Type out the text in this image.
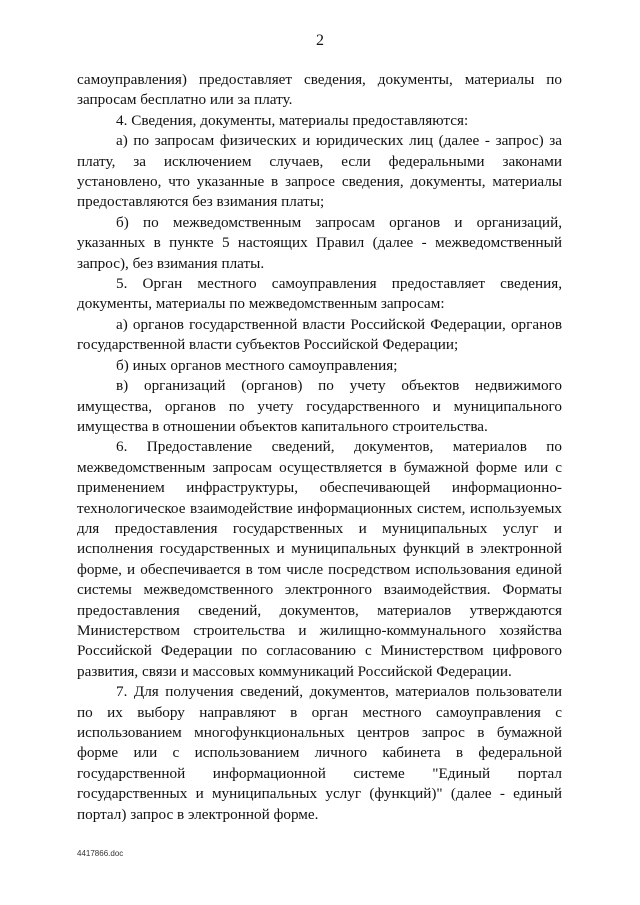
2

самоуправления) предоставляет сведения, документы, материалы по запросам бесплатно или за плату.

4. Сведения, документы, материалы предоставляются:

а) по запросам физических и юридических лиц (далее - запрос) за плату, за исключением случаев, если федеральными законами установлено, что указанные в запросе сведения, документы, материалы предоставляются без взимания платы;

б) по межведомственным запросам органов и организаций, указанных в пункте 5 настоящих Правил (далее - межведомственный запрос), без взимания платы.

5. Орган местного самоуправления предоставляет сведения, документы, материалы по межведомственным запросам:

а) органов государственной власти Российской Федерации, органов государственной власти субъектов Российской Федерации;

б) иных органов местного самоуправления;

в) организаций (органов) по учету объектов недвижимого имущества, органов по учету государственного и муниципального имущества в отношении объектов капитального строительства.

6. Предоставление сведений, документов, материалов по межведомственным запросам осуществляется в бумажной форме или с применением инфраструктуры, обеспечивающей информационно-технологическое взаимодействие информационных систем, используемых для предоставления государственных и муниципальных услуг и исполнения государственных и муниципальных функций в электронной форме, и обеспечивается в том числе посредством использования единой системы межведомственного электронного взаимодействия. Форматы предоставления сведений, документов, материалов утверждаются Министерством строительства и жилищно-коммунального хозяйства Российской Федерации по согласованию с Министерством цифрового развития, связи и массовых коммуникаций Российской Федерации.

7. Для получения сведений, документов, материалов пользователи по их выбору направляют в орган местного самоуправления с использованием многофункциональных центров запрос в бумажной форме или с использованием личного кабинета в федеральной государственной информационной системе "Единый портал государственных и муниципальных услуг (функций)" (далее - единый портал) запрос в электронной форме.

4417866.doc
